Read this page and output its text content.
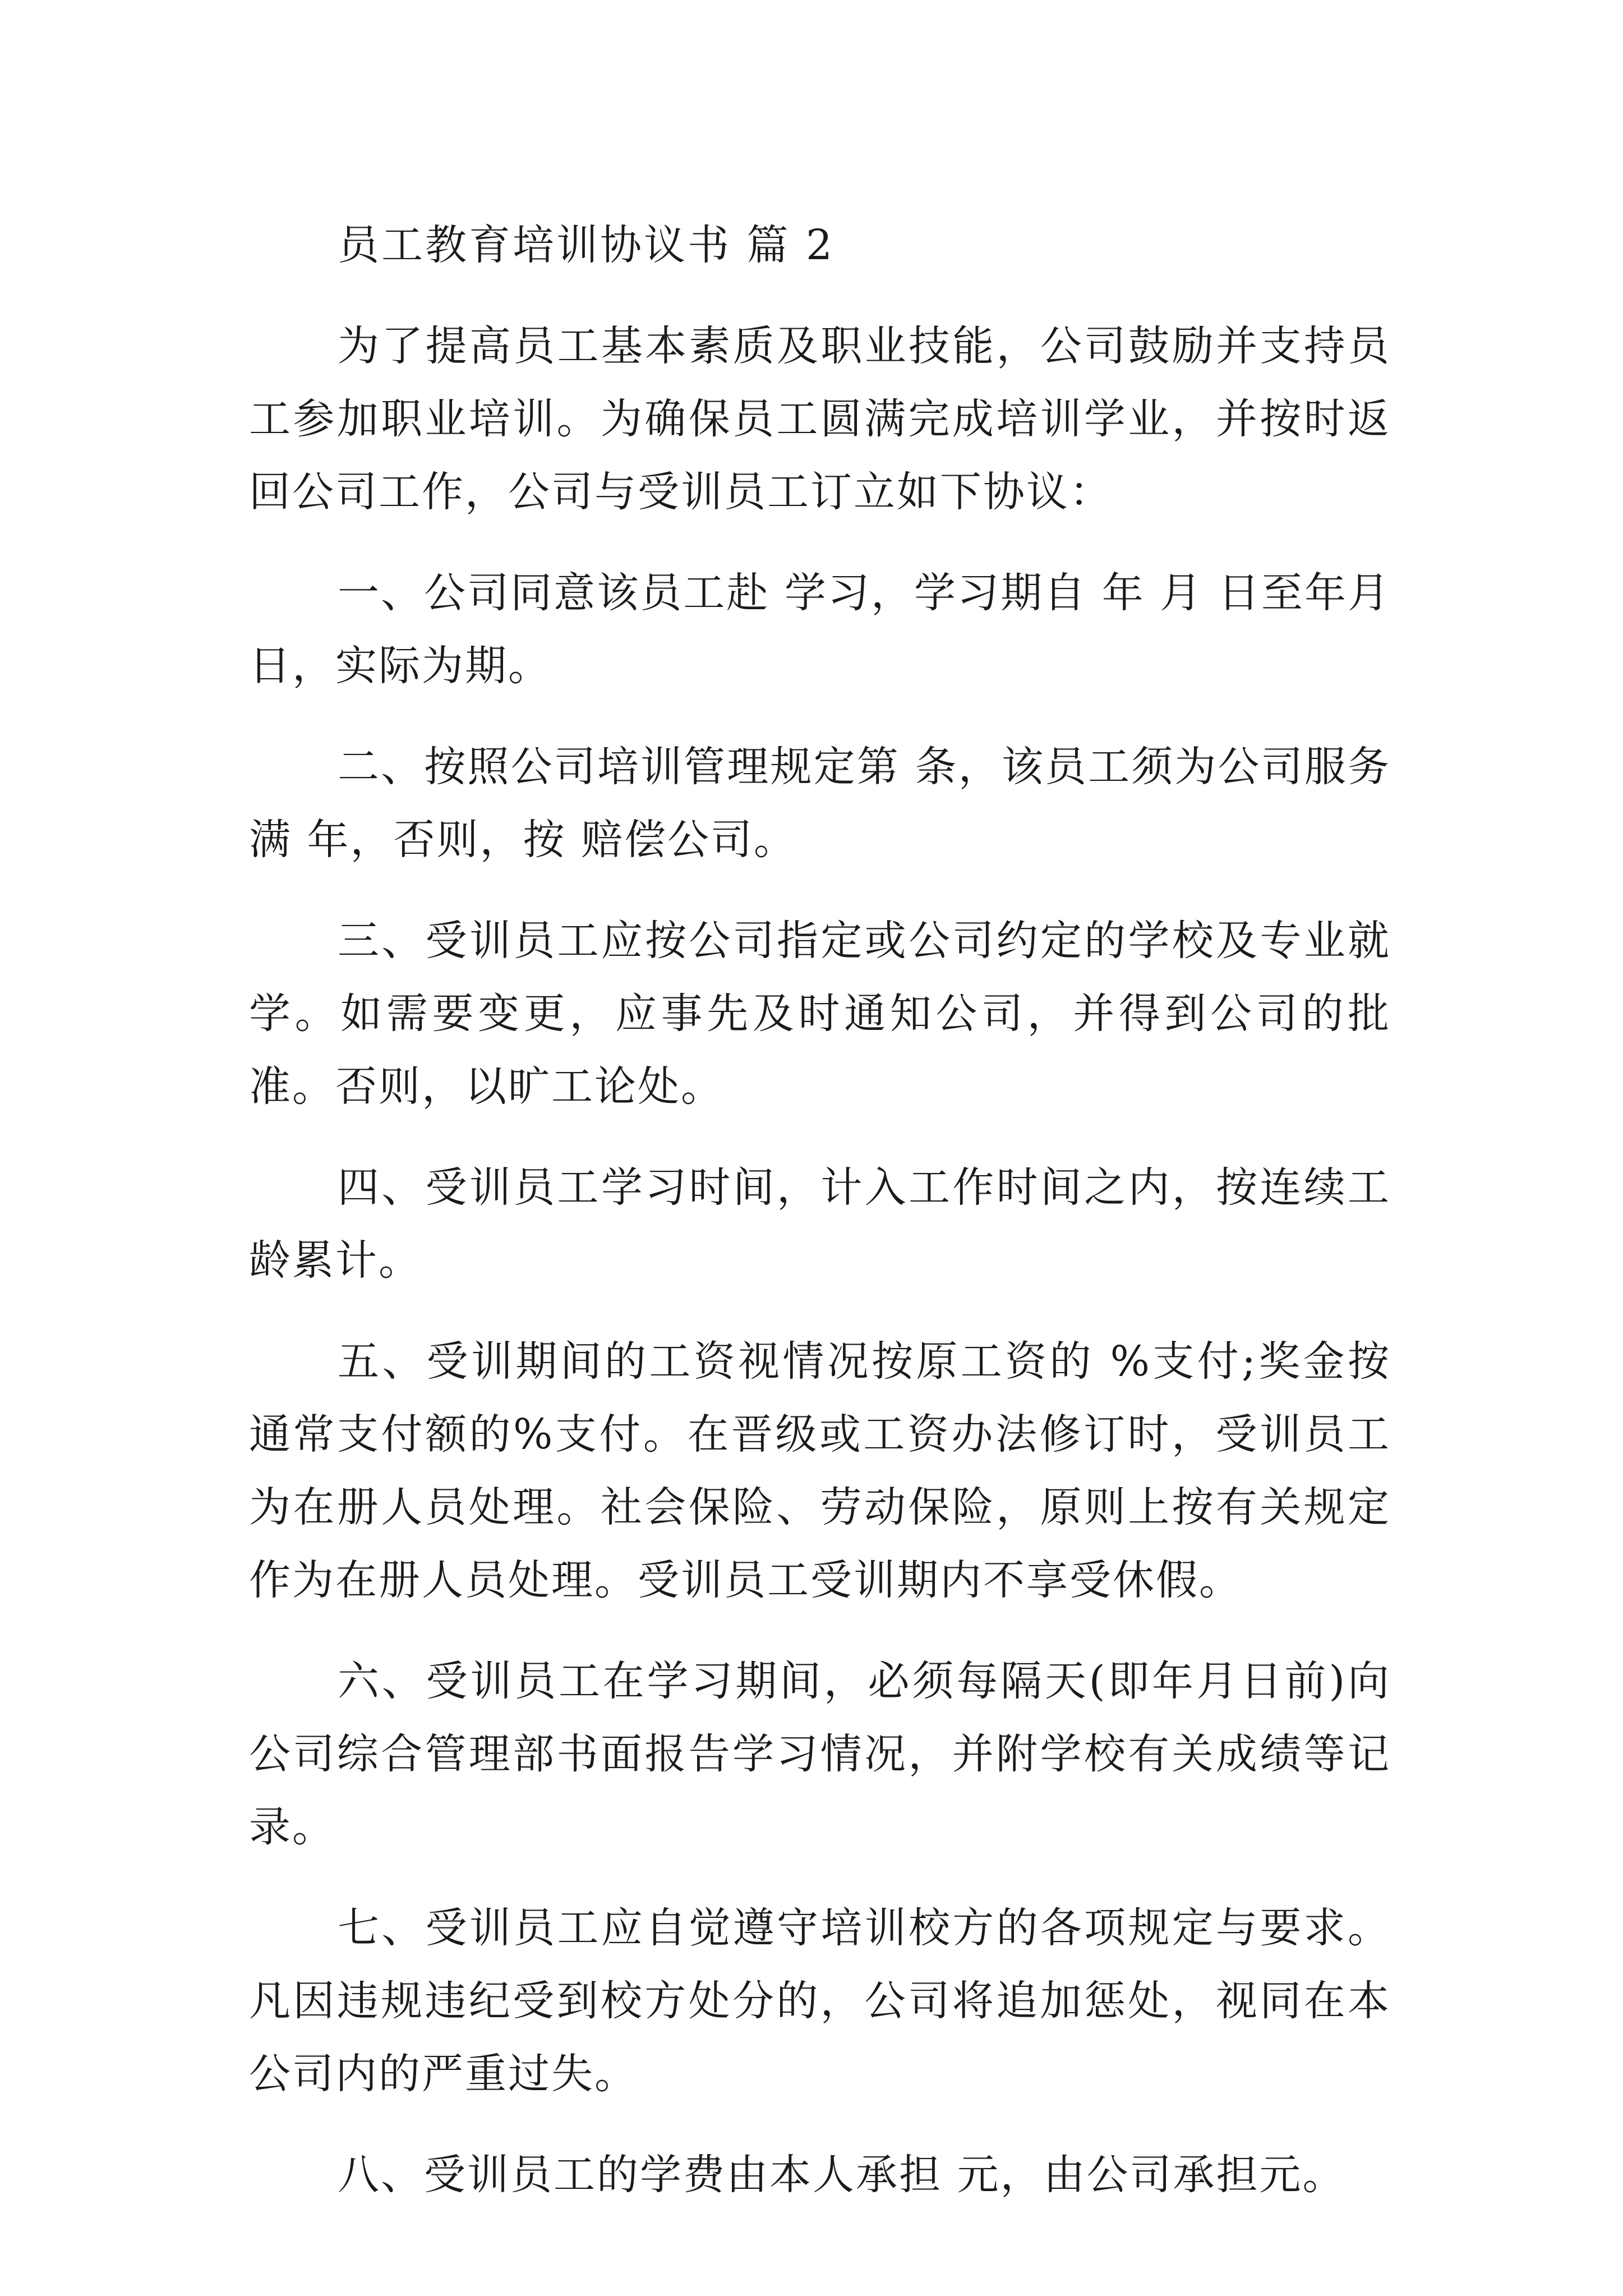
员工教育培训协议书 篇 2

为了提高员工基本素质及职业技能，公司鼓励并支持员工参加职业培训。为确保员工圆满完成培训学业，并按时返回公司工作，公司与受训员工订立如下协议：

一、公司同意该员工赴 学习，学习期自 年 月 日至年月日，实际为期。

二、按照公司培训管理规定第 条，该员工须为公司服务满 年，否则，按 赔偿公司。

三、受训员工应按公司指定或公司约定的学校及专业就学。如需要变更，应事先及时通知公司，并得到公司的批准。否则，以旷工论处。

四、受训员工学习时间，计入工作时间之内，按连续工龄累计。

五、受训期间的工资视情况按原工资的 %支付;奖金按通常支付额的%支付。在晋级或工资办法修订时，受训员工为在册人员处理。社会保险、劳动保险，原则上按有关规定作为在册人员处理。受训员工受训期内不享受休假。

六、受训员工在学习期间，必须每隔天(即年月日前)向公司综合管理部书面报告学习情况，并附学校有关成绩等记录。

七、受训员工应自觉遵守培训校方的各项规定与要求。凡因违规违纪受到校方处分的，公司将追加惩处，视同在本公司内的严重过失。

八、受训员工的学费由本人承担 元，由公司承担元。
